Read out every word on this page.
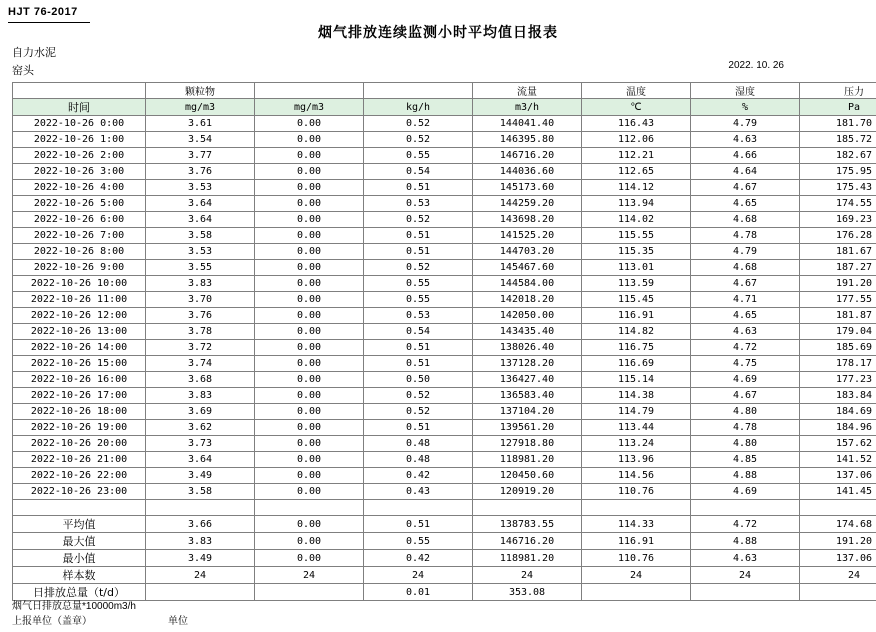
HJT 76-2017
烟气排放连续监测小时平均值日报表
自力水泥
窑头	2022. 10. 26
	颗粒物			流量	温度	湿度	压力
时间	mg/m3	mg/m3	kg/h	m3/h	℃	%	Pa
2022-10-26 0:00	3.61	0.00	0.52	144041.40	116.43	4.79	181.70
2022-10-26 1:00	3.54	0.00	0.52	146395.80	112.06	4.63	185.72
2022-10-26 2:00	3.77	0.00	0.55	146716.20	112.21	4.66	182.67
2022-10-26 3:00	3.76	0.00	0.54	144036.60	112.65	4.64	175.95
2022-10-26 4:00	3.53	0.00	0.51	145173.60	114.12	4.67	175.43
2022-10-26 5:00	3.64	0.00	0.53	144259.20	113.94	4.65	174.55
2022-10-26 6:00	3.64	0.00	0.52	143698.20	114.02	4.68	169.23
2022-10-26 7:00	3.58	0.00	0.51	141525.20	115.55	4.78	176.28
2022-10-26 8:00	3.53	0.00	0.51	144703.20	115.35	4.79	181.67
2022-10-26 9:00	3.55	0.00	0.52	145467.60	113.01	4.68	187.27
2022-10-26 10:00	3.83	0.00	0.55	144584.00	113.59	4.67	191.20
2022-10-26 11:00	3.70	0.00	0.55	142018.20	115.45	4.71	177.55
2022-10-26 12:00	3.76	0.00	0.53	142050.00	116.91	4.65	181.87
2022-10-26 13:00	3.78	0.00	0.54	143435.40	114.82	4.63	179.04
2022-10-26 14:00	3.72	0.00	0.51	138026.40	116.75	4.72	185.69
2022-10-26 15:00	3.74	0.00	0.51	137128.20	116.69	4.75	178.17
2022-10-26 16:00	3.68	0.00	0.50	136427.40	115.14	4.69	177.23
2022-10-26 17:00	3.83	0.00	0.52	136583.40	114.38	4.67	183.84
2022-10-26 18:00	3.69	0.00	0.52	137104.20	114.79	4.80	184.69
2022-10-26 19:00	3.62	0.00	0.51	139561.20	113.44	4.78	184.96
2022-10-26 20:00	3.73	0.00	0.48	127918.80	113.24	4.80	157.62
2022-10-26 21:00	3.64	0.00	0.48	118981.20	113.96	4.85	141.52
2022-10-26 22:00	3.49	0.00	0.42	120450.60	114.56	4.88	137.06
2022-10-26 23:00	3.58	0.00	0.43	120919.20	110.76	4.69	141.45

平均值	3.66	0.00	0.51	138783.55	114.33	4.72	174.68
最大值	3.83	0.00	0.55	146716.20	116.91	4.88	191.20
最小值	3.49	0.00	0.42	118981.20	110.76	4.63	137.06
样本数	24	24	24	24	24	24	24
日排放总量（t/d）			0.01	353.08			
烟气日排放总量*10000m3/h
上报单位（盖章）	单位
